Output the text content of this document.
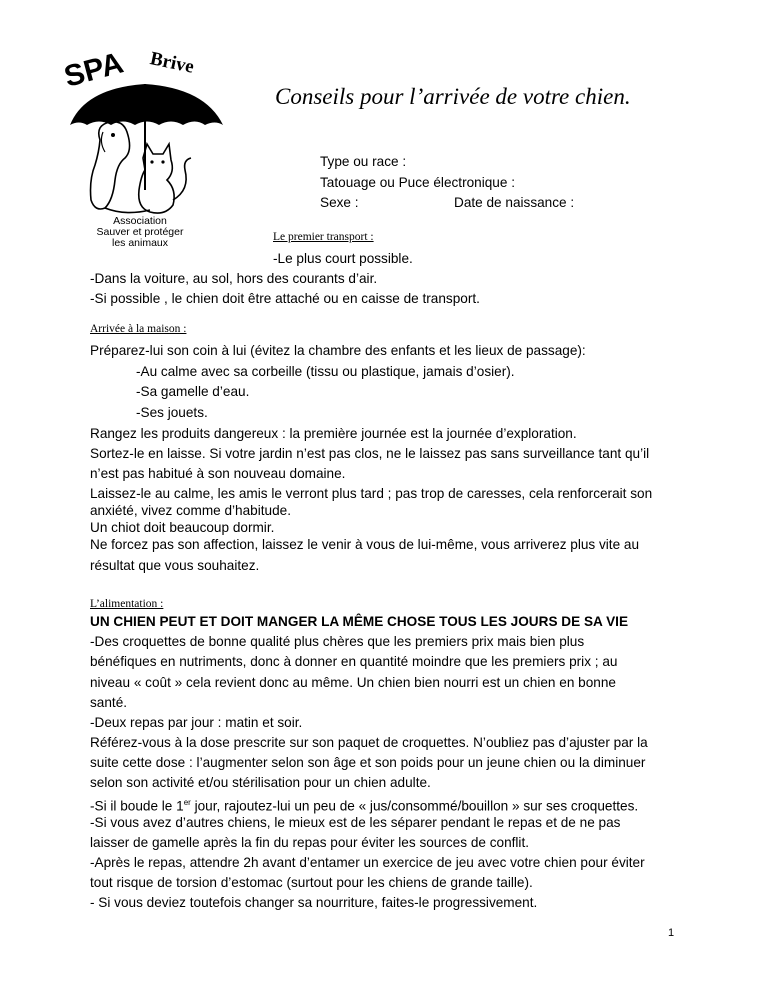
SPA Brive
Association
Sauver et protéger
les animaux
Conseils pour l’arrivée de votre chien.
Type ou race :
Tatouage ou Puce électronique :
Sexe :	Date de naissance :
Le premier transport :
-Le plus court possible.
-Dans la voiture, au sol, hors des courants d’air.
-Si possible , le chien doit être attaché ou en caisse de transport.
Arrivée à la maison :
Préparez-lui son coin à lui (évitez la chambre des enfants et les lieux de passage):
-Au calme avec sa corbeille (tissu ou plastique, jamais d’osier).
-Sa gamelle d’eau.
-Ses jouets.
Rangez les produits dangereux : la première journée est la journée d’exploration.
Sortez-le en laisse. Si votre jardin n’est pas clos, ne le laissez pas sans surveillance tant qu’il
n’est pas habitué à son nouveau domaine.
Laissez-le au calme, les amis le verront plus tard ; pas trop de caresses, cela renforcerait son
anxiété, vivez comme d’habitude.
Un chiot doit beaucoup dormir.
Ne forcez pas son affection, laissez le venir à vous de lui-même, vous arriverez plus vite au
résultat que vous souhaitez.
L’alimentation :
UN CHIEN PEUT ET DOIT MANGER LA MÊME CHOSE TOUS LES JOURS DE SA VIE
-Des croquettes de bonne qualité plus chères que les premiers prix mais bien plus
bénéfiques en nutriments, donc à donner en quantité moindre que les premiers prix ; au
niveau « coût » cela revient donc au même. Un chien bien nourri est un chien en bonne
santé.
-Deux repas par jour : matin et soir.
Référez-vous à la dose prescrite sur son paquet de croquettes. N’oubliez pas d’ajuster par la
suite cette dose : l’augmenter selon son âge et son poids pour un jeune chien ou la diminuer
selon son activité et/ou stérilisation pour un chien adulte.
-Si il boude le 1er jour, rajoutez-lui un peu de « jus/consommé/bouillon » sur ses croquettes.
-Si vous avez d’autres chiens, le mieux est de les séparer pendant le repas et de ne pas
laisser de gamelle après la fin du repas pour éviter les sources de conflit.
-Après le repas, attendre 2h avant d’entamer un exercice de jeu avec votre chien pour éviter
tout risque de torsion d’estomac (surtout pour les chiens de grande taille).
- Si vous deviez toutefois changer sa nourriture, faites-le progressivement.
1
